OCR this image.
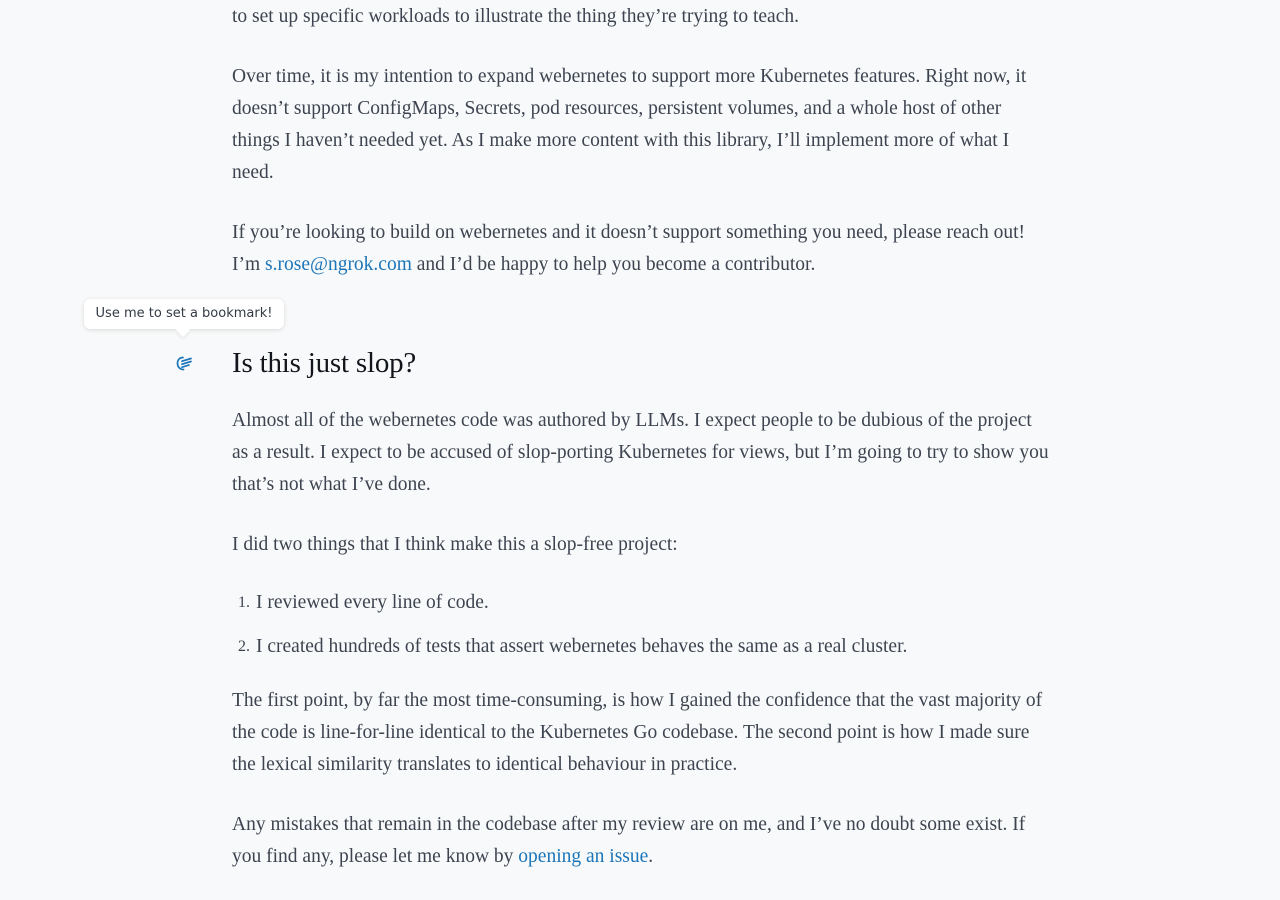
Use me to set a bookmark!

to set up specific workloads to illustrate the thing they’re trying to teach.

Over time, it is my intention to expand webernetes to support more Kubernetes features. Right now, it doesn’t support ConfigMaps, Secrets, pod resources, persistent volumes, and a whole host of other things I haven’t needed yet. As I make more content with this library, I’ll implement more of what I need.

If you’re looking to build on webernetes and it doesn’t support something you need, please reach out! I’m s.rose@ngrok.com and I’d be happy to help you become a contributor.

Is this just slop?

Almost all of the webernetes code was authored by LLMs. I expect people to be dubious of the project as a result. I expect to be accused of slop-porting Kubernetes for views, but I’m going to try to show you that’s not what I’ve done.

I did two things that I think make this a slop-free project:

I reviewed every line of code.
I created hundreds of tests that assert webernetes behaves the same as a real cluster.

The first point, by far the most time-consuming, is how I gained the confidence that the vast majority of the code is line-for-line identical to the Kubernetes Go codebase. The second point is how I made sure the lexical similarity translates to identical behaviour in practice.

Any mistakes that remain in the codebase after my review are on me, and I’ve no doubt some exist. If you find any, please let me know by opening an issue.
